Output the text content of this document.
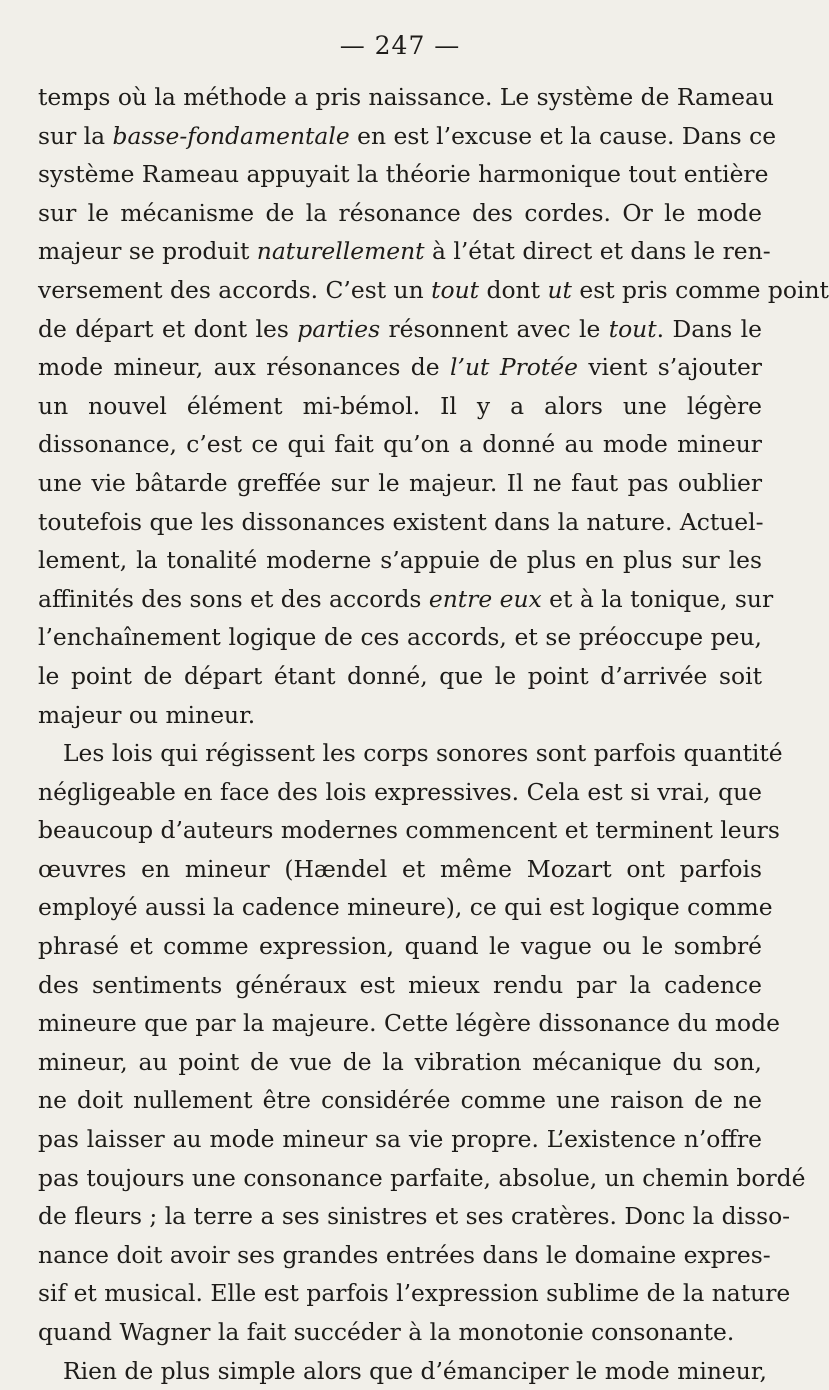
— 247 —
temps où la méthode a pris naissance. Le système de Rameau
sur la basse-fondamentale en est l’excuse et la cause. Dans ce
système Rameau appuyait la théorie harmonique tout entière
sur le mécanisme de la résonance des cordes. Or le mode
majeur se produit naturellement à l’état direct et dans le ren-
versement des accords. C’est un tout dont ut est pris comme point
de départ et dont les parties résonnent avec le tout. Dans le
mode mineur, aux résonances de l’ut Protée vient s’ajouter
un nouvel élément mi-bémol. Il y a alors une légère
dissonance, c’est ce qui fait qu’on a donné au mode mineur
une vie bâtarde greffée sur le majeur. Il ne faut pas oublier
toutefois que les dissonances existent dans la nature. Actuel-
lement, la tonalité moderne s’appuie de plus en plus sur les
affinités des sons et des accords entre eux et à la tonique, sur
l’enchaînement logique de ces accords, et se préoccupe peu,
le point de départ étant donné, que le point d’arrivée soit
majeur ou mineur.
Les lois qui régissent les corps sonores sont parfois quantité
négligeable en face des lois expressives. Cela est si vrai, que
beaucoup d’auteurs modernes commencent et terminent leurs
œuvres en mineur (Hændel et même Mozart ont parfois
employé aussi la cadence mineure), ce qui est logique comme
phrasé et comme expression, quand le vague ou le sombré
des sentiments généraux est mieux rendu par la cadence
mineure que par la majeure. Cette légère dissonance du mode
mineur, au point de vue de la vibration mécanique du son,
ne doit nullement être considérée comme une raison de ne
pas laisser au mode mineur sa vie propre. L’existence n’offre
pas toujours une consonance parfaite, absolue, un chemin bordé
de fleurs ; la terre a ses sinistres et ses cratères. Donc la disso-
nance doit avoir ses grandes entrées dans le domaine expres-
sif et musical. Elle est parfois l’expression sublime de la nature
quand Wagner la fait succéder à la monotonie consonante.
Rien de plus simple alors que d’émanciper le mode mineur,
